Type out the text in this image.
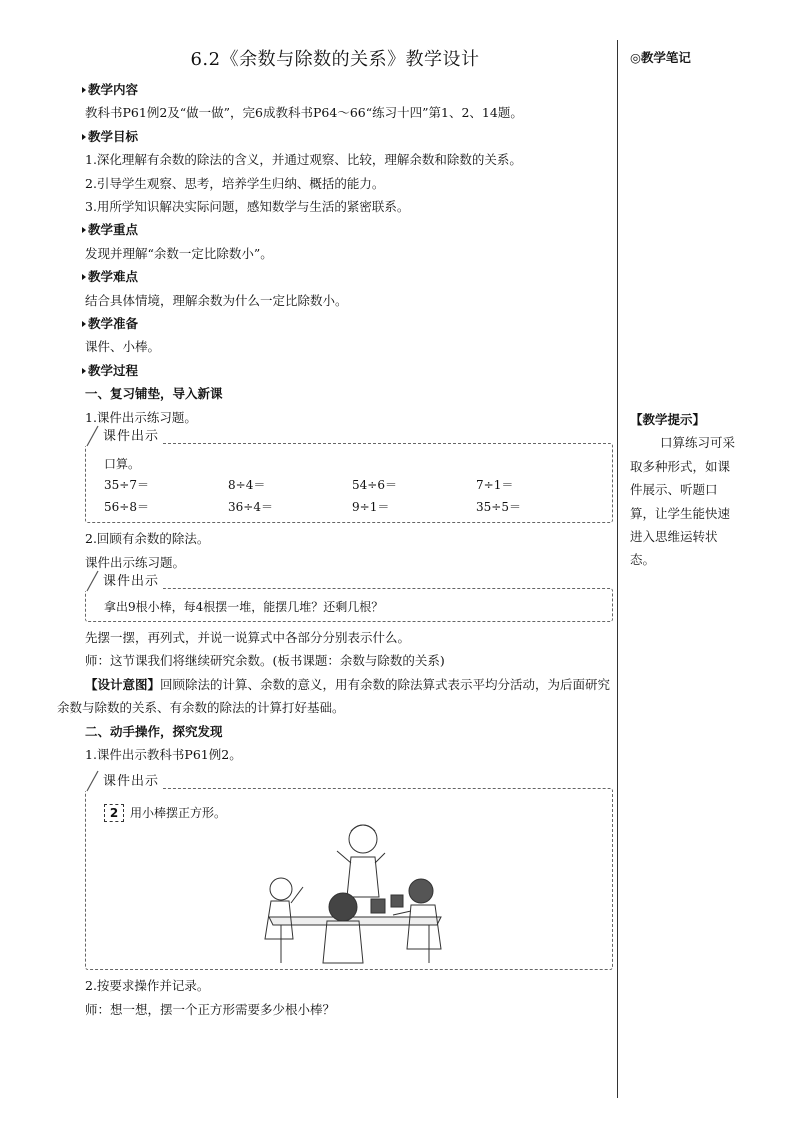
6.2《余数与除数的关系》教学设计
教学内容
教科书P61例2及“做一做”，完6成教科书P64～66“练习十四”第1、2、14题。
教学目标
1.深化理解有余数的除法的含义，并通过观察、比较，理解余数和除数的关系。
2.引导学生观察、思考，培养学生归纳、概括的能力。
3.用所学知识解决实际问题，感知数学与生活的紧密联系。
教学重点
发现并理解“余数一定比除数小”。
教学难点
结合具体情境，理解余数为什么一定比除数小。
教学准备
课件、小棒。
教学过程
一、复习铺垫，导入新课
1.课件出示练习题。
课件出示
口算。
35÷7＝	8÷4＝	54÷6＝	7÷1＝
56÷8＝	36÷4＝	9÷1＝	35÷5＝
2.回顾有余数的除法。
课件出示练习题。
课件出示
拿出9根小棒，每4根摆一堆，能摆几堆？还剩几根？
先摆一摆，再列式，并说一说算式中各部分分别表示什么。
师：这节课我们将继续研究余数。(板书课题：余数与除数的关系)
【设计意图】回顾除法的计算、余数的意义，用有余数的除法算式表示平均分活动，为后面研究余数与除数的关系、有余数的除法的计算打好基础。
二、动手操作，探究发现
1.课件出示教科书P61例2。
课件出示
2 用小棒摆正方形。
2.按要求操作并记录。
师：想一想，摆一个正方形需要多少根小棒？
◎教学笔记
【教学提示】
口算练习可采取多种形式，如课件展示、听题口算，让学生能快速进入思维运转状态。
